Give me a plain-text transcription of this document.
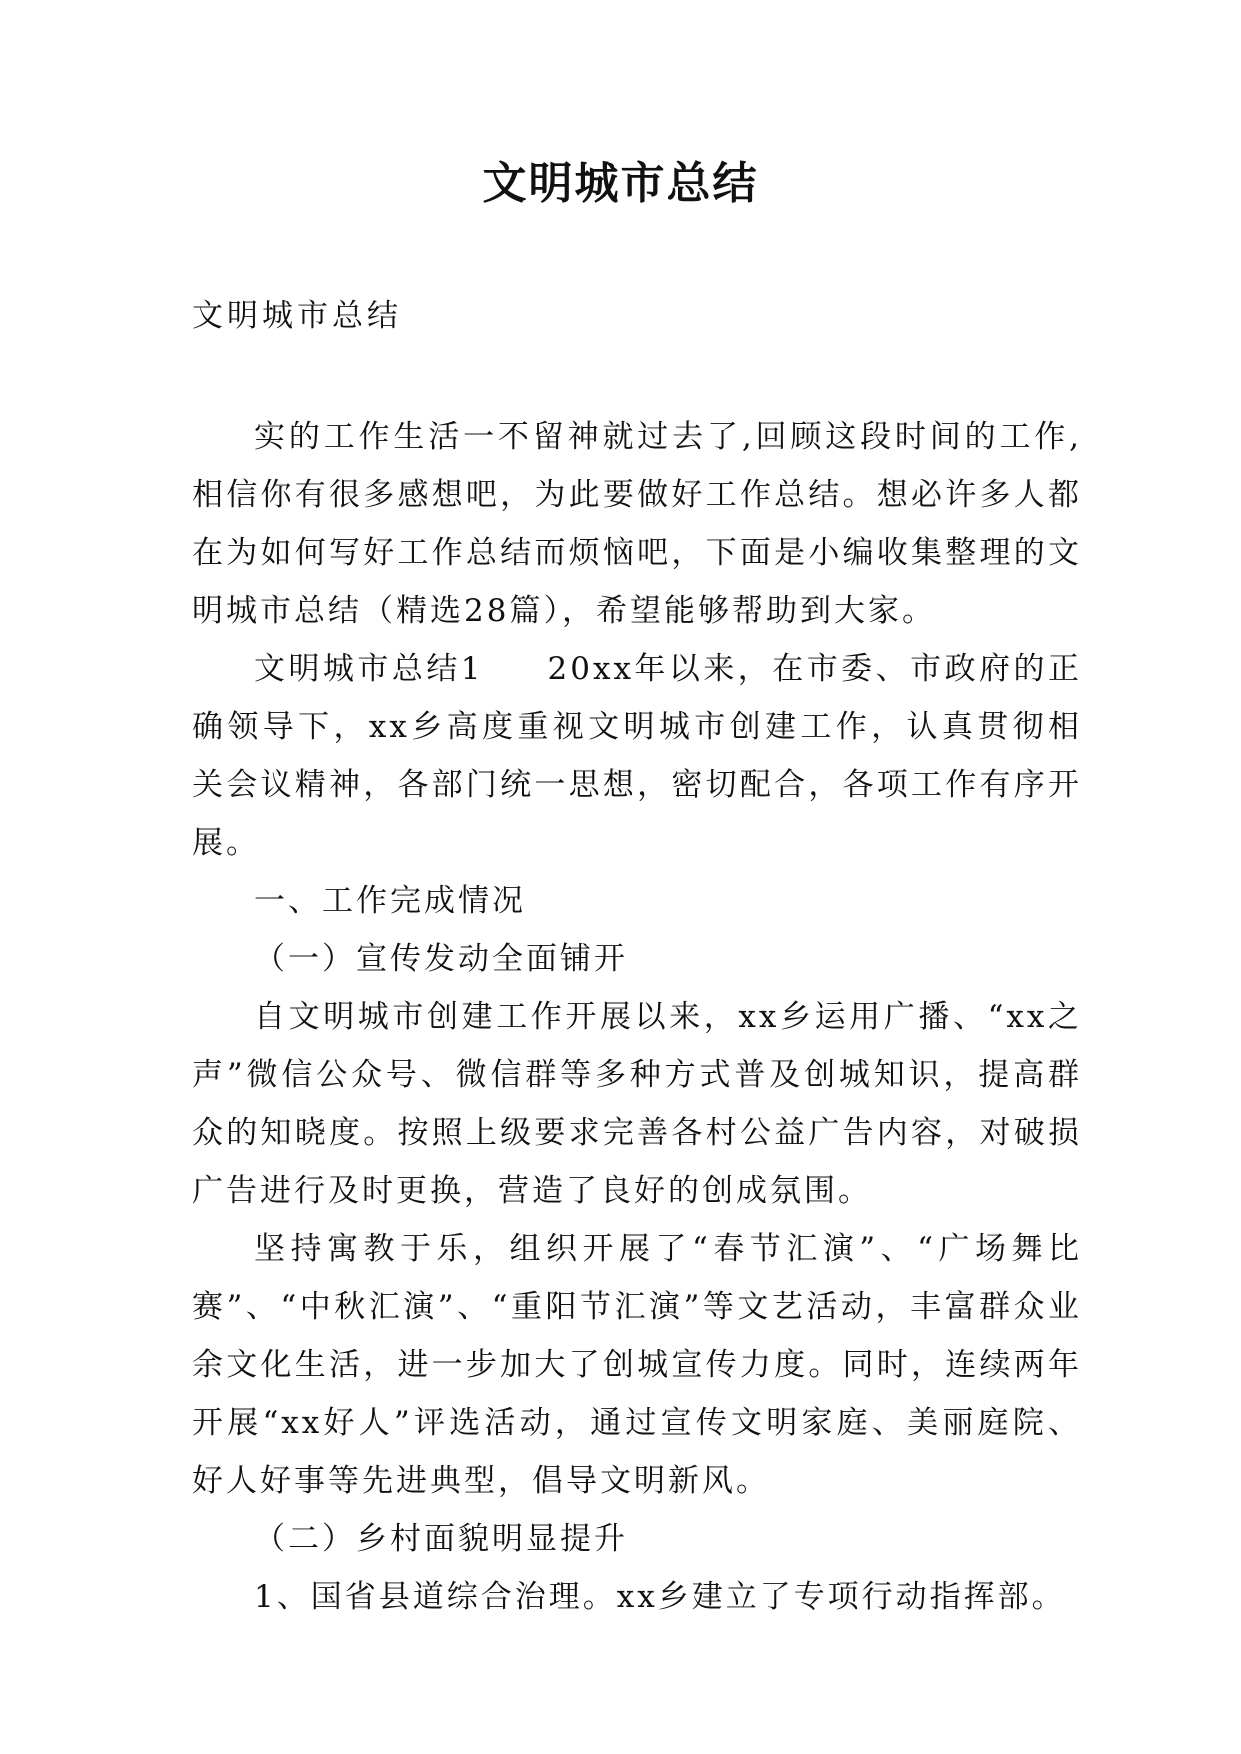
文明城市总结
文明城市总结

实的工作生活一不留神就过去了,回顾这段时间的工作,相信你有很多感想吧，为此要做好工作总结。想必许多人都在为如何写好工作总结而烦恼吧，下面是小编收集整理的文明城市总结（精选28篇），希望能够帮助到大家。

文明城市总结1 20xx年以来，在市委、市政府的正确领导下，xx乡高度重视文明城市创建工作，认真贯彻相关会议精神，各部门统一思想，密切配合，各项工作有序开展。

一、工作完成情况

（一）宣传发动全面铺开

自文明城市创建工作开展以来，xx乡运用广播、“xx之声”微信公众号、微信群等多种方式普及创城知识，提高群众的知晓度。按照上级要求完善各村公益广告内容，对破损广告进行及时更换，营造了良好的创成氛围。

坚持寓教于乐，组织开展了“春节汇演”、“广场舞比赛”、“中秋汇演”、“重阳节汇演”等文艺活动，丰富群众业余文化生活，进一步加大了创城宣传力度。同时，连续两年开展“xx好人”评选活动，通过宣传文明家庭、美丽庭院、好人好事等先进典型，倡导文明新风。

（二）乡村面貌明显提升

1、国省县道综合治理。xx乡建立了专项行动指挥部。
